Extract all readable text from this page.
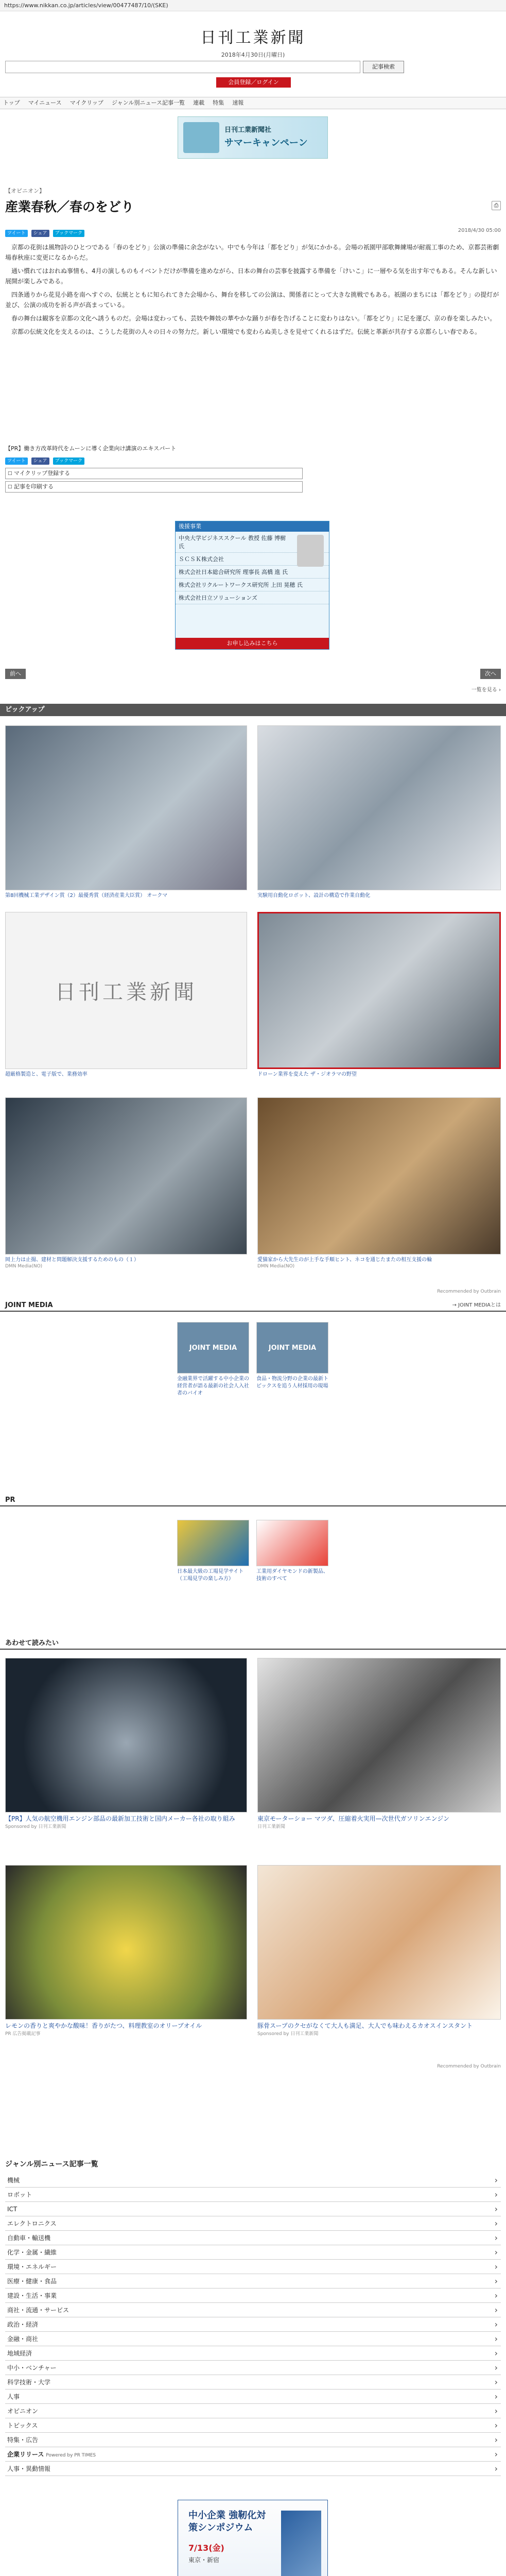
https://www.nikkan.co.jp/articles/view/00477487/10/(SKE)
日刊工業新聞
2018年4月30日(月曜日)
記事検索
会員登録／ログイン
トップ マイニュース マイクリップ ジャンル別ニュース記事一覧 連載 特集 速報
日刊工業新聞社
サマーキャンペーン
【オピニオン】
産業春秋／春のをどり	⎙
2018/4/30 05:00
ツイート シェア ブックマーク

京都の花街は風物詩のひとつである「春のをどり」公演の準備に余念がない。中でも今年は「都をどり」が気にかかる。会場の祇園甲部歌舞練場が耐震工事のため、京都芸術劇場春秋座に変更になるからだ。

通い慣れてはおれぬ事情も、4月の演しものもイベントだけが準備を進めながら、日本の舞台の芸事を披露する準備を「けいこ」に一層やる気を出す年でもある。そんな新しい展開が楽しみである。

四条通りから花見小路を南へすぐの、伝統とともに知られてきた会場から、舞台を移しての公演は、関係者にとって大きな挑戦でもある。祇園のまちには「都をどり」の提灯が並び、公演の成功を祈る声が高まっている。

春の舞台は観客を京都の文化へ誘うものだ。会場は変わっても、芸妓や舞妓の華やかな踊りが春を告げることに変わりはない。「都をどり」に足を運び、京の春を楽しみたい。

京都の伝統文化を支えるのは、こうした花街の人々の日々の努力だ。新しい環境でも変わらぬ美しさを見せてくれるはずだ。伝統と革新が共存する京都らしい春である。

【PR】働き方改革時代をムーンに導く企業向け講演のエキスパート
ツイート シェア ブックマーク
□ マイクリップ登録する
□ 記事を印刷する
後援事業
中央大学ビジネススクール 教授 佐藤 博樹 氏
ＳＣＳＫ株式会社
株式会社日本総合研究所 理事長 高橋 進 氏
株式会社リクルートワークス研究所 上田 晃穂 氏
株式会社日立ソリューションズ
お申し込みはこちら
前へ	次へ
一覧を見る ›
ピックアップ
第8回機械工業デザイン賞（2）最優秀賞（経済産業大臣賞） オークマ	実験用自動化ロボット、設計の構造で作業自動化
日刊工業新聞
超厳格製造と、電子版で、業務効率	ドローン業界を変えた ザ・ジオラマの野望
岡上力は止揚、建材と問題解決支援するためのもの（１）
DMN Media(NO)
愛猫家から大先生のが上手な手順ヒント、ネコを通じたまたの相互支援の輪
DMN Media(NO)
Recommended by Outbrain
JOINT MEDIA	→ JOINT MEDIAとは
JOINT MEDIA
金融業界で活躍する中小企業の経営者が語る最新の社会人入社者のバイオ
JOINT MEDIA
食品・物流分野の企業の最新トピックスを追う人材採用の現場
PR
日本最大級の工場見学サイト（工場見学の楽しみ方）
工業用ダイヤモンドの新製品、技術のすべて
あわせて読みたい
【PR】人気の航空機用エンジン部品の最新加工技術と国内メーカー各社の取り組み
Sponsored by 日刊工業新聞
東京モーターショー マツダ、圧縮着火実用—次世代ガソリンエンジン
日刊工業新聞
レモンの香りと爽やかな酸味！香りがたつ、料理教室のオリーブオイル
PR 広告掲載記事
豚骨スープのクセがなくて大人も満足、大人でも味わえるカオスインスタント
Sponsored by 日刊工業新聞
Recommended by Outbrain
ジャンル別ニュース記事一覧
機械 ›
ロボット ›
ICT ›
エレクトロニクス ›
自動車・輸送機 ›
化学・金属・繊維 ›
環境・エネルギー ›
医療・健康・食品 ›
建設・生活・事業 ›
商社・流通・サービス ›
政治・経済 ›
金融・商社 ›
地域経済 ›
中小・ベンチャー ›
科学技術・大学 ›
人事 ›
オピニオン ›
トピックス ›
特集・広告 ›
企業リリース Powered by PR TIMES ›
人事・異動情報 ›
中小企業 強靭化対策シンポジウム
7/13(金)
東京・新宿
